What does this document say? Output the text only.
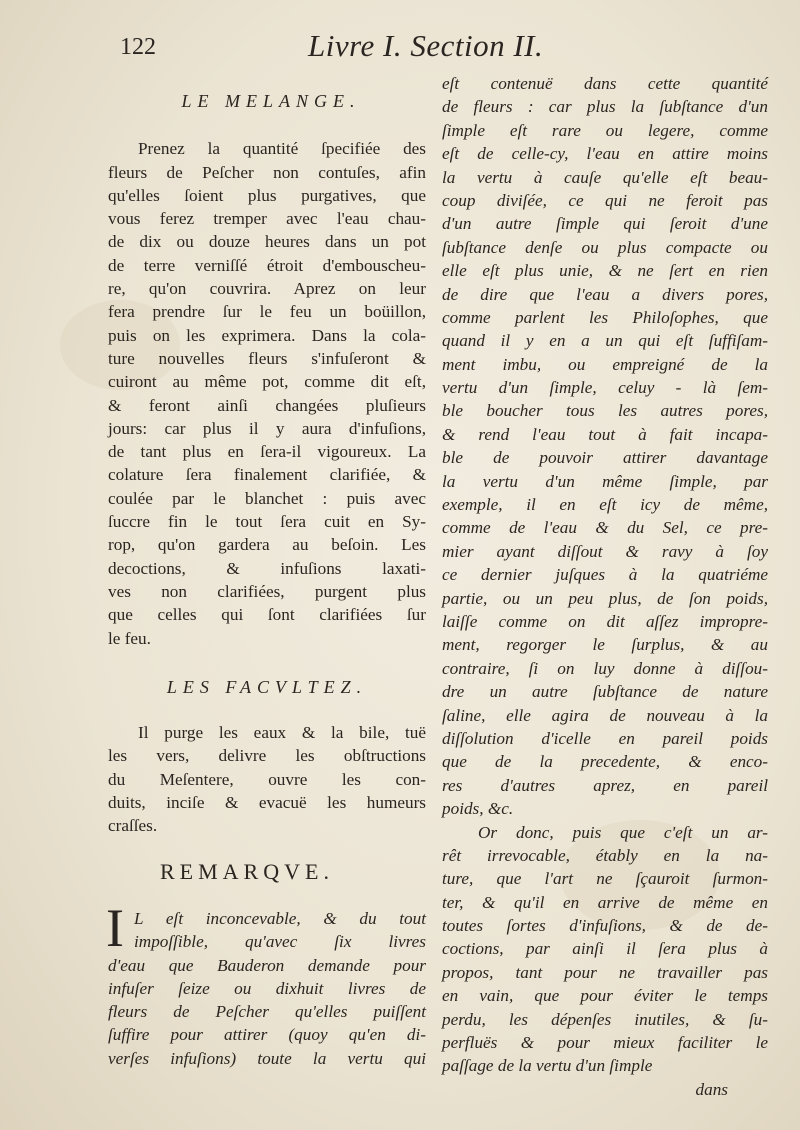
122	Livre I. Section II.
LE MELANGE.
Prenez la quantité ſpecifiée des
fleurs de Peſcher non contuſes, afin
qu'elles ſoient plus purgatives, que
vous ferez tremper avec l'eau chau-
de dix ou douze heures dans un pot
de terre verniſſé étroit d'embouscheu-
re, qu'on couvrira. Aprez on leur
fera prendre ſur le feu un boüillon,
puis on les exprimera. Dans la cola-
ture nouvelles fleurs s'infuſeront &
cuiront au même pot, comme dit eſt,
& feront ainſi changées pluſieurs
jours: car plus il y aura d'infuſions,
de tant plus en ſera-il vigoureux. La
colature ſera finalement clarifiée, &
coulée par le blanchet : puis avec
ſuccre fin le tout ſera cuit en Sy-
rop, qu'on gardera au beſoin. Les
decoctions, & infuſions laxati-
ves non clarifiées, purgent plus
que celles qui ſont clarifiées ſur
le feu.
LES FACVLTEZ.
Il purge les eaux & la bile, tuë
les vers, delivre les obſtructions
du Meſentere, ouvre les con-
duits, inciſe & evacuë les humeurs
craſſes.
REMARQVE.
I L eſt inconcevable, & du tout
impoſſible, qu'avec ſix livres
d'eau que Bauderon demande pour
infuſer ſeize ou dixhuit livres de
fleurs de Peſcher qu'elles puiſſent
ſuffire pour attirer (quoy qu'en di-
verſes infuſions) toute la vertu qui
eſt contenuë dans cette quantité
de fleurs : car plus la ſubſtance d'un
ſimple eſt rare ou legere, comme
eſt de celle-cy, l'eau en attire moins
la vertu à cauſe qu'elle eſt beau-
coup diviſée, ce qui ne feroit pas
d'un autre ſimple qui ſeroit d'une
ſubſtance denſe ou plus compacte ou
elle eſt plus unie, & ne ſert en rien
de dire que l'eau a divers pores,
comme parlent les Philoſophes, que
quand il y en a un qui eſt ſuffiſam-
ment imbu, ou empreigné de la
vertu d'un ſimple, celuy - là ſem-
ble boucher tous les autres pores,
& rend l'eau tout à fait incapa-
ble de pouvoir attirer davantage
la vertu d'un même ſimple, par
exemple, il en eſt icy de même,
comme de l'eau & du Sel, ce pre-
mier ayant diſſout & ravy à ſoy
ce dernier juſques à la quatriéme
partie, ou un peu plus, de ſon poids,
laiſſe comme on dit aſſez impropre-
ment, regorger le ſurplus, & au
contraire, ſi on luy donne à diſſou-
dre un autre ſubſtance de nature
ſaline, elle agira de nouveau à la
diſſolution d'icelle en pareil poids
que de la precedente, & enco-
res d'autres aprez, en pareil
poids, &c.
Or donc, puis que c'eſt un ar-
rêt irrevocable, étably en la na-
ture, que l'art ne ſçauroit ſurmon-
ter, & qu'il en arrive de même en
toutes ſortes d'infuſions, & de de-
coctions, par ainſi il ſera plus à
propos, tant pour ne travailler pas
en vain, que pour éviter le temps
perdu, les dépenſes inutiles, & ſu-
perfluës & pour mieux faciliter le
paſſage de la vertu d'un ſimple
dans
